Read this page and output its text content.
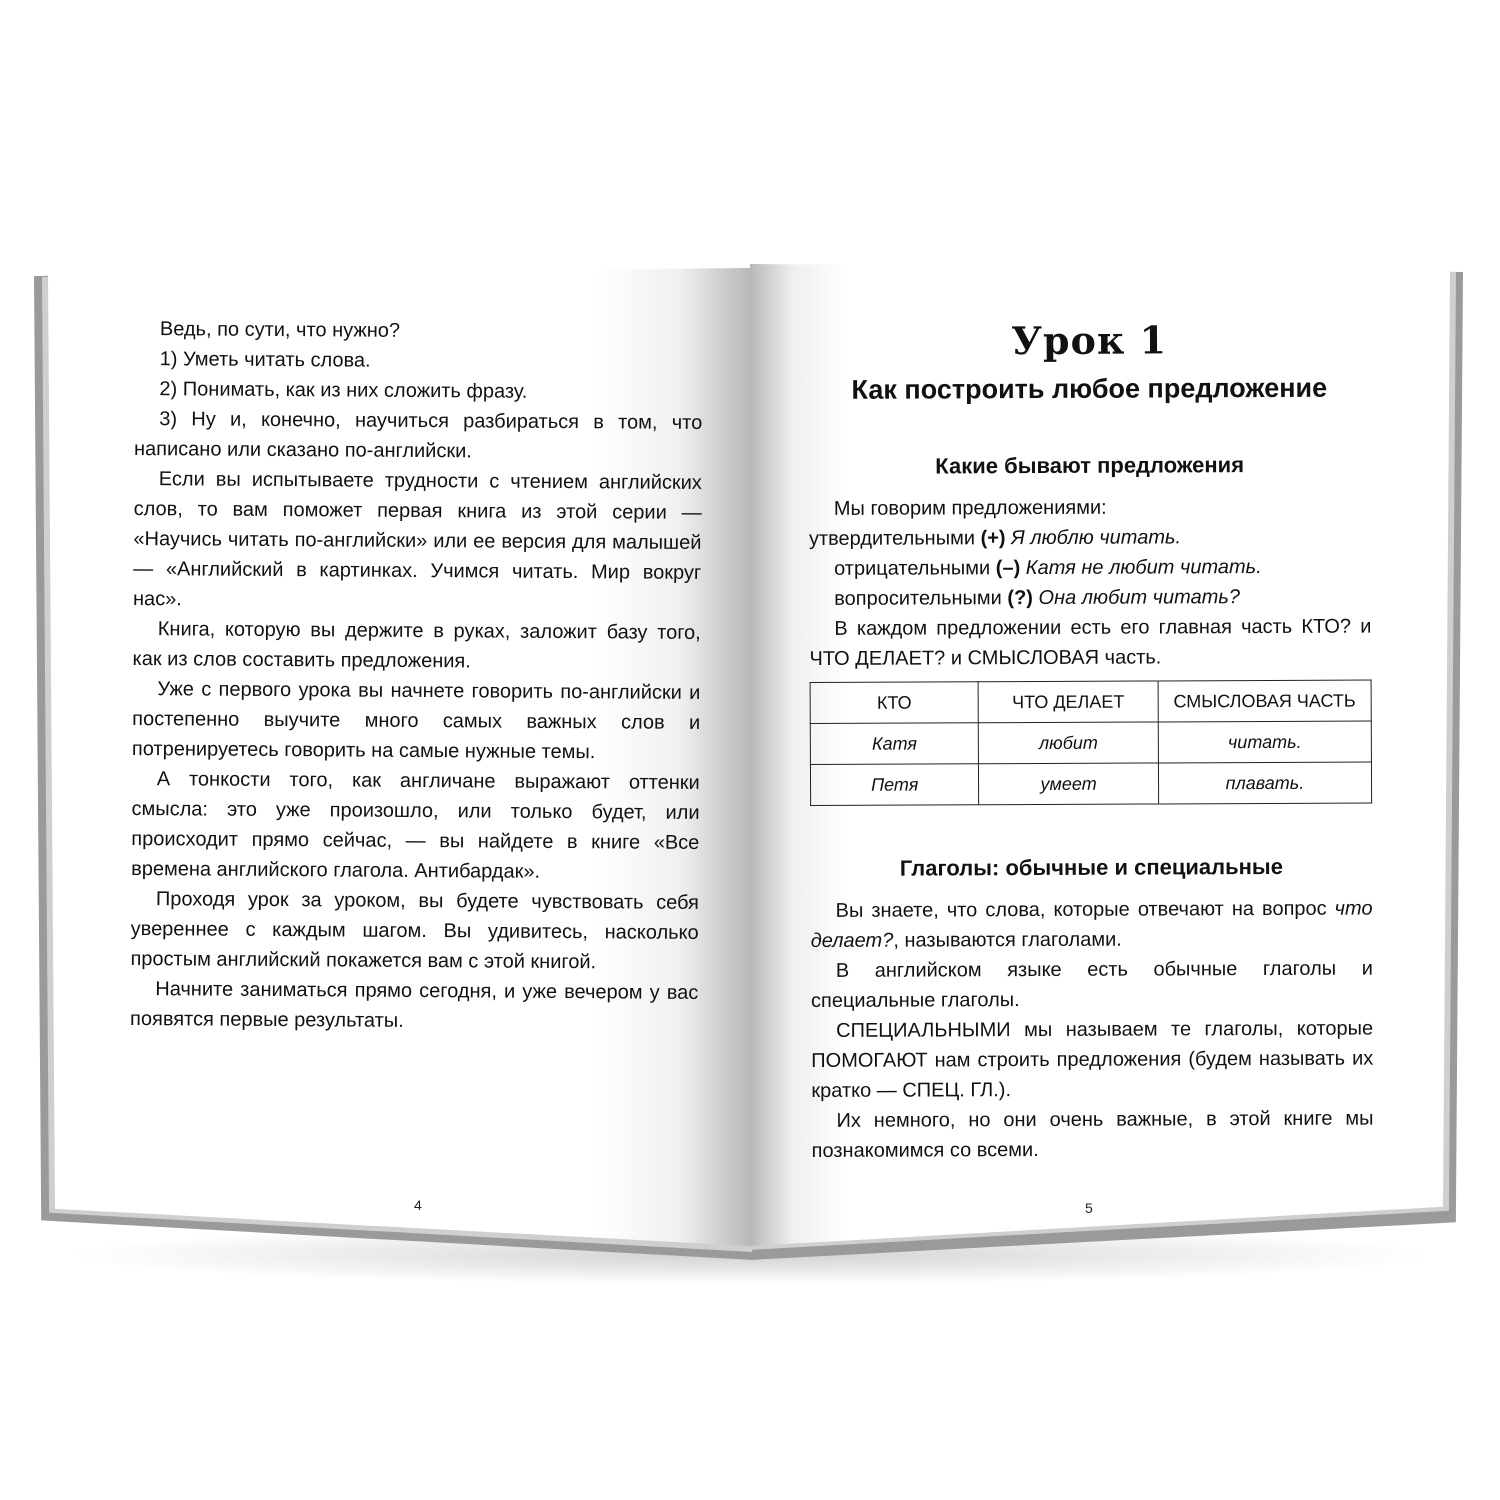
Ведь, по сути, что нужно?

1) Уметь читать слова.

2) Понимать, как из них сложить фразу.

3) Ну и, конечно, научиться разбираться в том, что написано или сказано по-английски.

Если вы испытываете трудности с чтением английских слов, то вам поможет первая книга из этой серии — «Научись читать по-английски» или ее версия для малышей — «Английский в картинках. Учимся читать. Мир вокруг нас».

Книга, которую вы держите в руках, заложит базу того, как из слов составить предложения.

Уже с первого урока вы начнете говорить по-английски и постепенно выучите много самых важных слов и потренируетесь говорить на самые нужные темы.

А тонкости того, как англичане выражают оттенки смысла: это уже произошло, или только будет, или происходит прямо сейчас, — вы найдете в книге «Все времена английского глагола. Антибардак».

Проходя урок за уроком, вы будете чувствовать себя увереннее с каждым шагом. Вы удивитесь, насколько простым английский покажется вам с этой книгой.

Начните заниматься прямо сегодня, и уже вечером у вас появятся первые результаты.

4
Урок 1
Как построить любое предложение
Какие бывают предложения

Мы говорим предложениями:

утвердительными (+) Я люблю читать.

отрицательными (–) Катя не любит читать.

вопросительными (?) Она любит читать?

В каждом предложении есть его главная часть КТО? и ЧТО ДЕЛАЕТ? и СМЫСЛОВАЯ часть.

КТО	ЧТО ДЕЛАЕТ	СМЫСЛОВАЯ ЧАСТЬ
Катя	любит	читать.
Петя	умеет	плавать.
Глаголы: обычные и специальные

Вы знаете, что слова, которые отвечают на вопрос что делает?, называются глаголами.

В английском языке есть обычные глаголы и специальные глаголы.

СПЕЦИАЛЬНЫМИ мы называем те глаголы, которые ПОМОГАЮТ нам строить предложения (будем называть их кратко — СПЕЦ. ГЛ.).

Их немного, но они очень важные, в этой книге мы познакомимся со всеми.

5
